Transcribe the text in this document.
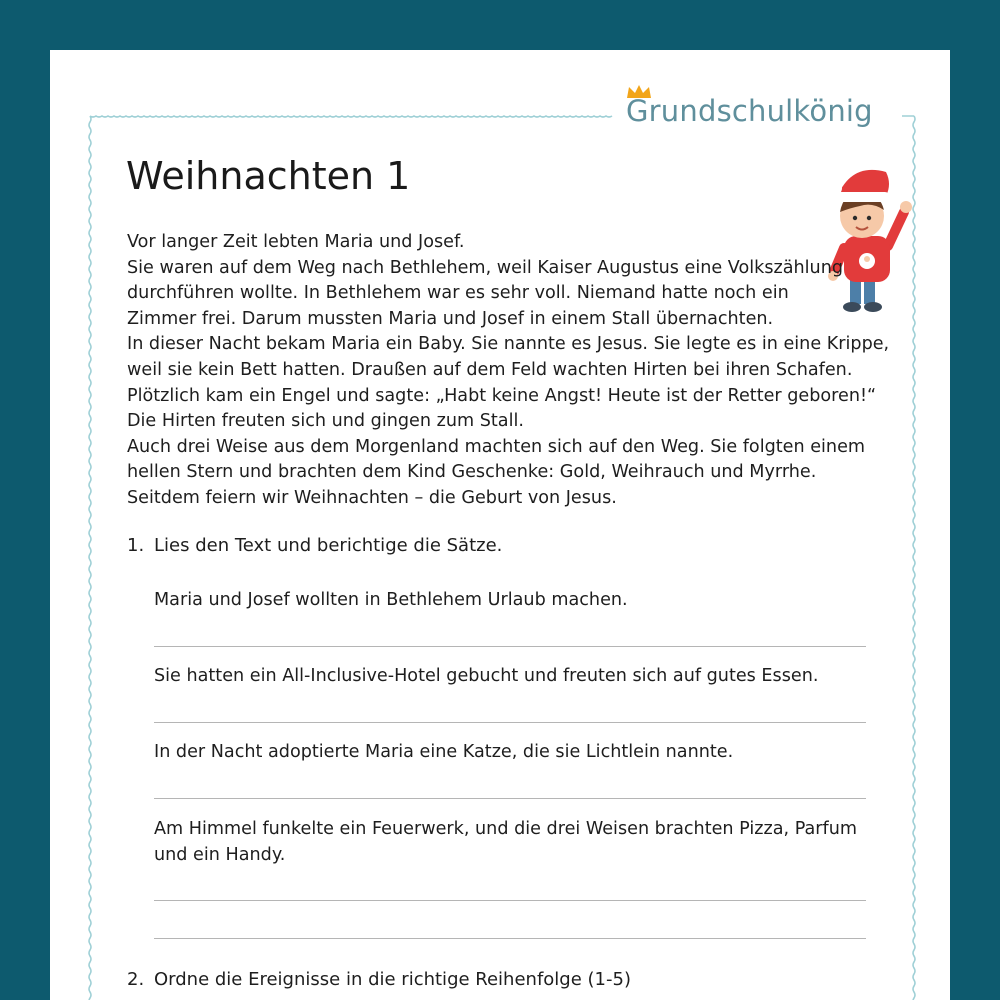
Grundschulkönig
Weihnachten 1
Vor langer Zeit lebten Maria und Josef.
Sie waren auf dem Weg nach Bethlehem, weil Kaiser Augustus eine Volkszählung
durchführen wollte. In Bethlehem war es sehr voll. Niemand hatte noch ein
Zimmer frei. Darum mussten Maria und Josef in einem Stall übernachten.
In dieser Nacht bekam Maria ein Baby. Sie nannte es Jesus. Sie legte es in eine Krippe,
weil sie kein Bett hatten. Draußen auf dem Feld wachten Hirten bei ihren Schafen.
Plötzlich kam ein Engel und sagte: „Habt keine Angst! Heute ist der Retter geboren!“
Die Hirten freuten sich und gingen zum Stall.
Auch drei Weise aus dem Morgenland machten sich auf den Weg. Sie folgten einem
hellen Stern und brachten dem Kind Geschenke: Gold, Weihrauch und Myrrhe.
Seitdem feiern wir Weihnachten – die Geburt von Jesus.
1. Lies den Text und berichtige die Sätze.
Maria und Josef wollten in Bethlehem Urlaub machen.
Sie hatten ein All-Inclusive-Hotel gebucht und freuten sich auf gutes Essen.
In der Nacht adoptierte Maria eine Katze, die sie Lichtlein nannte.
Am Himmel funkelte ein Feuerwerk, und die drei Weisen brachten Pizza, Parfum
und ein Handy.
2. Ordne die Ereignisse in die richtige Reihenfolge (1-5)
